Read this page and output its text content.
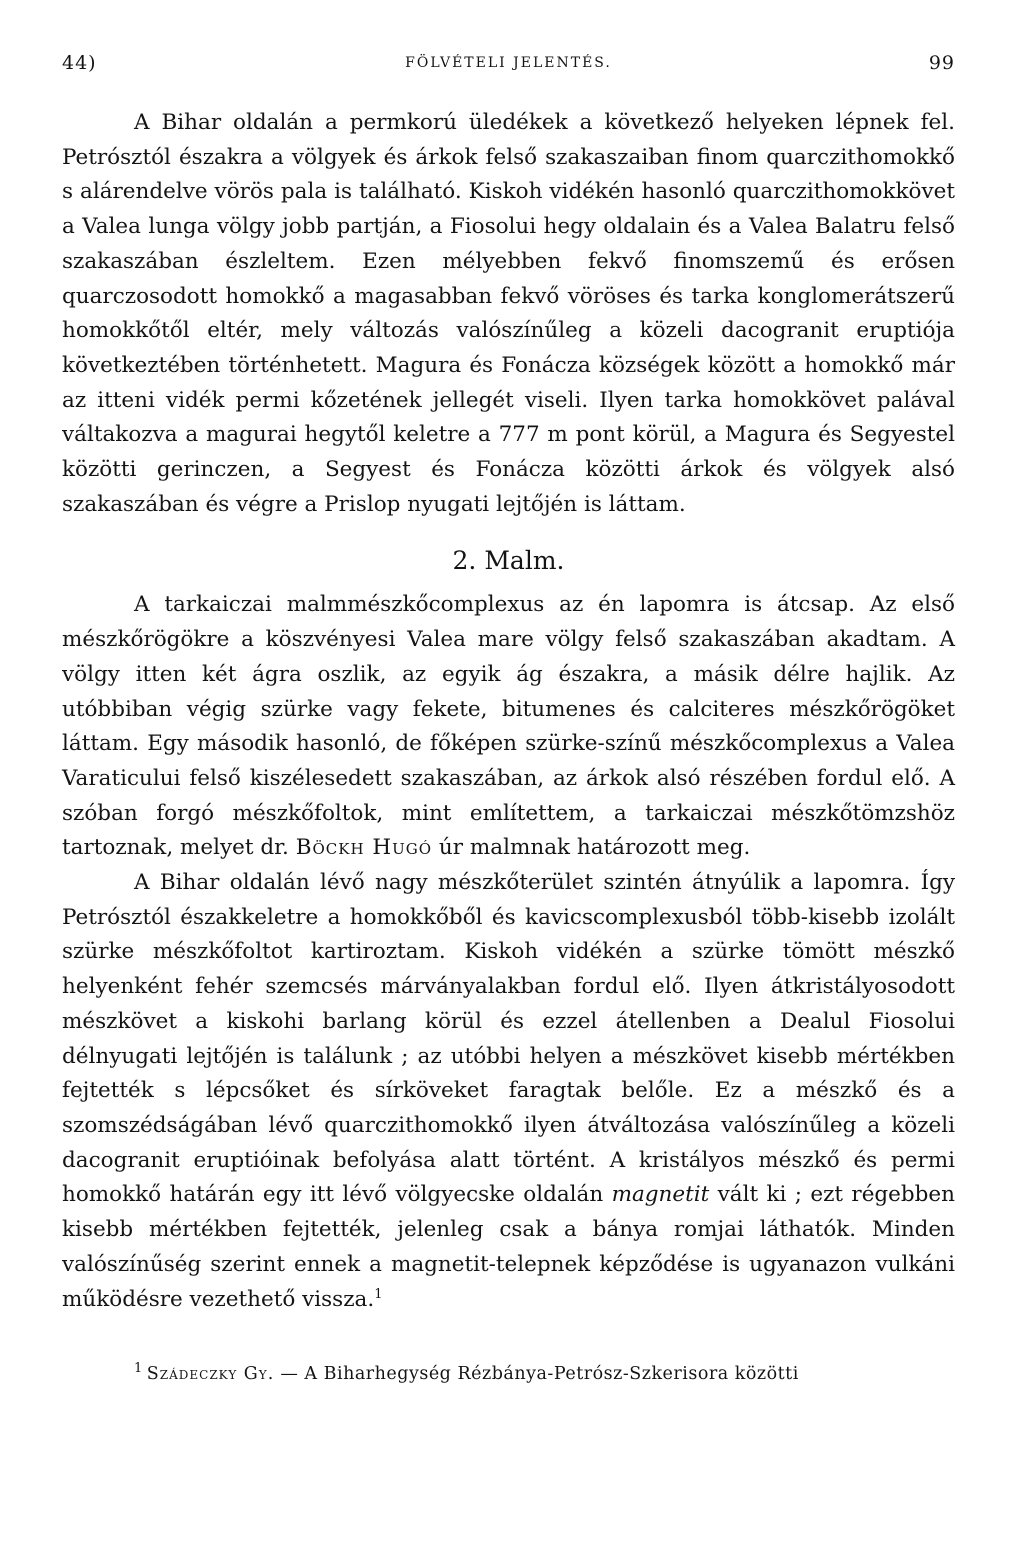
44)	FÖLVÉTELI JELENTÉS.	99

A Bihar oldalán a permkorú üledékek a következő helyeken lépnek fel. Petrósztól északra a völgyek és árkok felső szakaszaiban finom quarczithomokkő s alárendelve vörös pala is található. Kiskoh vidékén hasonló quarczithomokkövet a Valea lunga völgy jobb partján, a Fiosolui hegy oldalain és a Valea Balatru felső szakaszában észleltem. Ezen mélyebben fekvő finomszemű és erősen quarczosodott homokkő a magasabban fekvő vöröses és tarka konglomerátszerű homokkőtől eltér, mely változás valószínűleg a közeli dacogranit eruptiója következtében történhetett. Magura és Fonácza községek között a homokkő már az itteni vidék permi kőzetének jellegét viseli. Ilyen tarka homokkövet palával váltakozva a magurai hegytől keletre a 777 m pont körül, a Magura és Segyestel közötti gerinczen, a Segyest és Fonácza közötti árkok és völgyek alsó szakaszában és végre a Prislop nyugati lejtőjén is láttam.

2. Malm.

A tarkaiczai malmmészkőcomplexus az én lapomra is átcsap. Az első mészkőrögökre a köszvényesi Valea mare völgy felső szakaszában akadtam. A völgy itten két ágra oszlik, az egyik ág északra, a másik délre hajlik. Az utóbbiban végig szürke vagy fekete, bitumenes és calciteres mészkőrögöket láttam. Egy második hasonló, de főképen szürke-színű mészkőcomplexus a Valea Varaticului felső kiszélesedett szakaszában, az árkok alsó részében fordul elő. A szóban forgó mészkőfoltok, mint említettem, a tarkaiczai mészkőtömzshöz tartoznak, melyet dr. Böckh Hugó úr malmnak határozott meg.

A Bihar oldalán lévő nagy mészkőterület szintén átnyúlik a lapomra. Így Petrósztól északkeletre a homokkőből és kavicscomplexusból több-kisebb izolált szürke mészkőfoltot kartiroztam. Kiskoh vidékén a szürke tömött mészkő helyenként fehér szemcsés márványalakban fordul elő. Ilyen átkristályosodott mészkövet a kiskohi barlang körül és ezzel átellenben a Dealul Fiosolui délnyugati lejtőjén is találunk ; az utóbbi helyen a mészkövet kisebb mértékben fejtették s lépcsőket és sírköveket faragtak belőle. Ez a mészkő és a szomszédságában lévő quarczithomokkő ilyen átváltozása valószínűleg a közeli dacogranit eruptióinak befolyása alatt történt. A kristályos mészkő és permi homokkő határán egy itt lévő völgyecske oldalán magnetit vált ki ; ezt régebben kisebb mértékben fejtették, jelenleg csak a bánya romjai láthatók. Minden valószínűség szerint ennek a magnetit-telepnek képződése is ugyanazon vulkáni működésre vezethető vissza.$^1$

$^1$ Szádeczky Gy. — A Biharhegység Rézbánya-Petrósz-Szkerisora közötti
